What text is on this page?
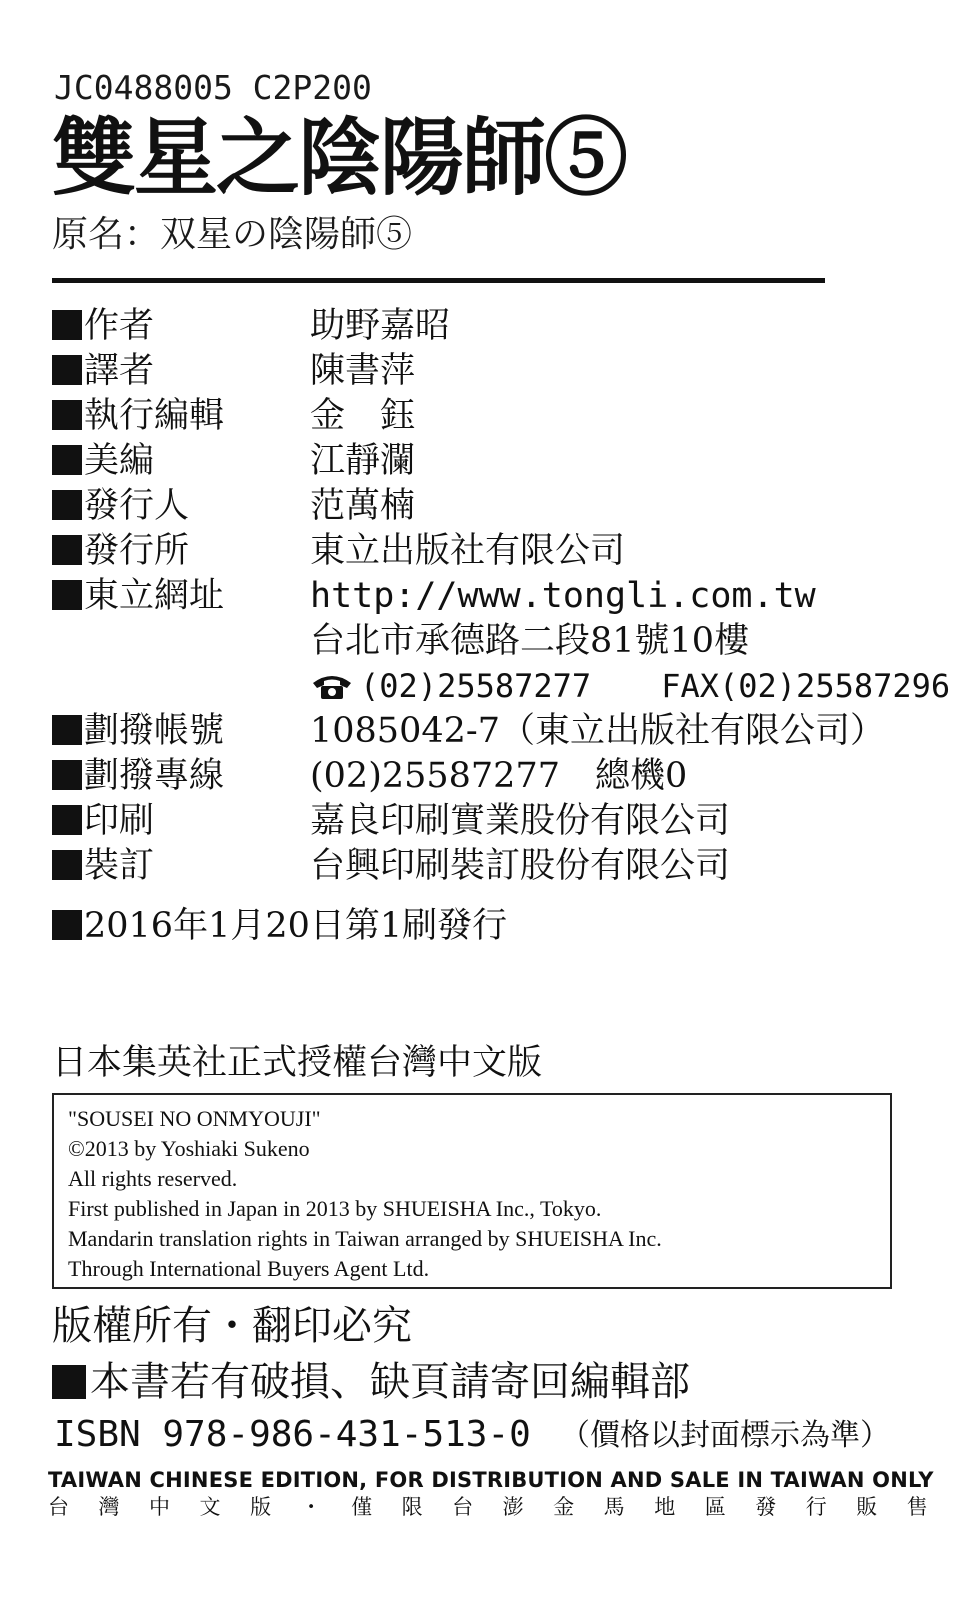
JC0488005 C2P200
雙星之陰陽師⑤
原名：双星の陰陽師⑤
作者	助野嘉昭
譯者	陳書萍
執行編輯	金　鈺
美編	江靜瀾
發行人	范萬楠
發行所	東立出版社有限公司
東立網址	http://www.tongli.com.tw
台北市承德路二段81號10樓
(02)25587277 FAX(02)25587296
劃撥帳號	1085042-7（東立出版社有限公司）
劃撥專線	(02)25587277　總機0
印刷	嘉良印刷實業股份有限公司
裝訂	台興印刷裝訂股份有限公司
2016年1月20日第1刷發行
日本集英社正式授權台灣中文版
"SOUSEI NO ONMYOUJI"
©2013 by Yoshiaki Sukeno
All rights reserved.
First published in Japan in 2013 by SHUEISHA Inc., Tokyo.
Mandarin translation rights in Taiwan arranged by SHUEISHA Inc.
Through International Buyers Agent Ltd.
版權所有・翻印必究
本書若有破損、缺頁請寄回編輯部
ISBN 978-986-431-513-0 （價格以封面標示為準）
TAIWAN CHINESE EDITION, FOR DISTRIBUTION AND SALE IN TAIWAN ONLY
台 灣 中 文 版 ・ 僅 限 台 澎 金 馬 地 區 發 行 販 售
